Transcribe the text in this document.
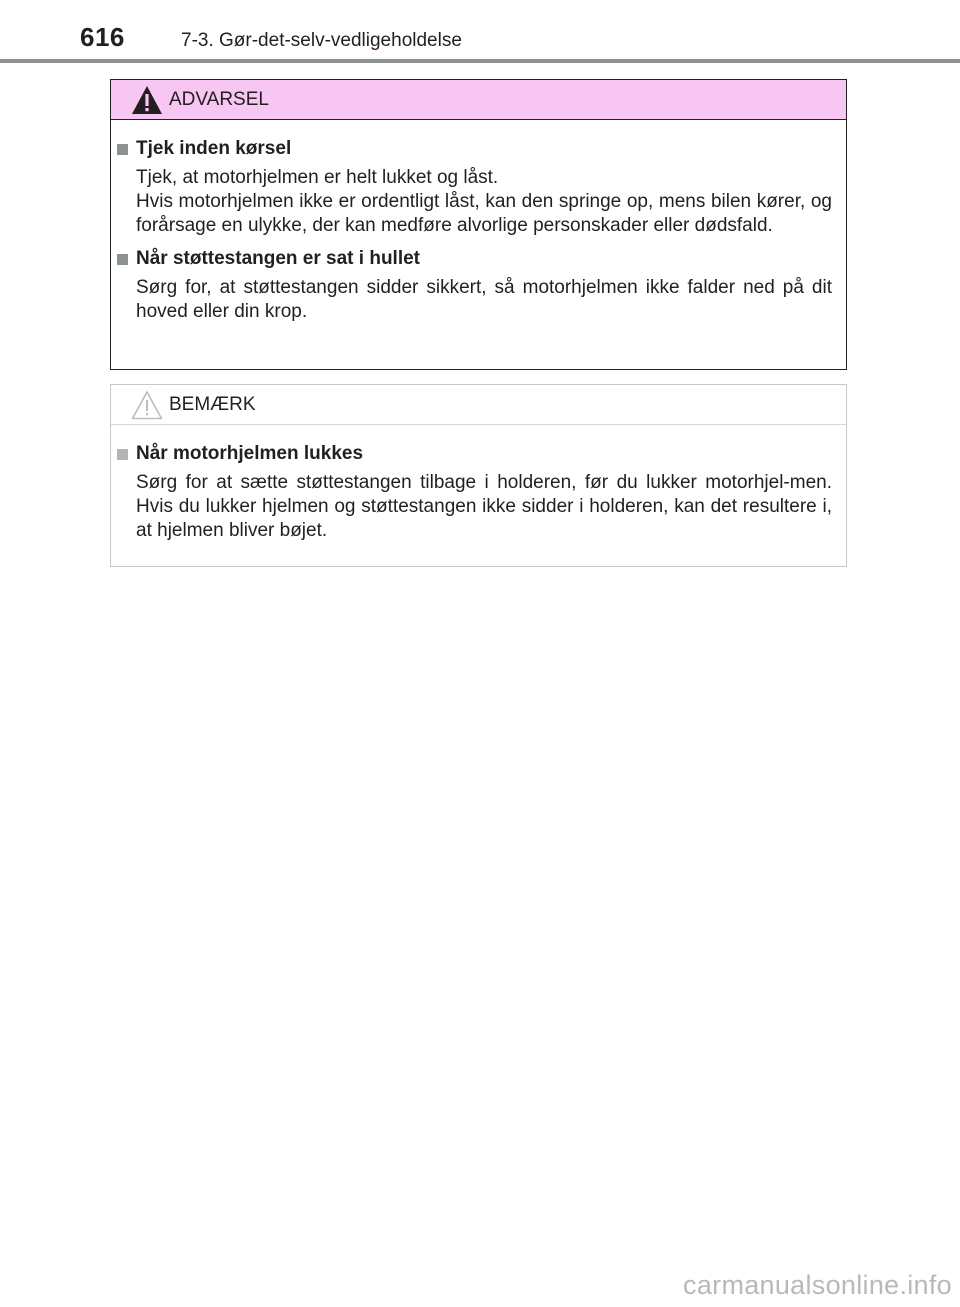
616	7-3. Gør-det-selv-vedligeholdelse
ADVARSEL
Tjek inden kørsel

Tjek, at motorhjelmen er helt lukket og låst.

Hvis motorhjelmen ikke er ordentligt låst, kan den springe op, mens bilen kører, og forårsage en ulykke, der kan medføre alvorlige personskader eller dødsfald.

Når støttestangen er sat i hullet

Sørg for, at støttestangen sidder sikkert, så motorhjelmen ikke falder ned på dit hoved eller din krop.

BEMÆRK
Når motorhjelmen lukkes

Sørg for at sætte støttestangen tilbage i holderen, før du lukker motorhjel-men. Hvis du lukker hjelmen og støttestangen ikke sidder i holderen, kan det resultere i, at hjelmen bliver bøjet.

carmanualsonline.info
